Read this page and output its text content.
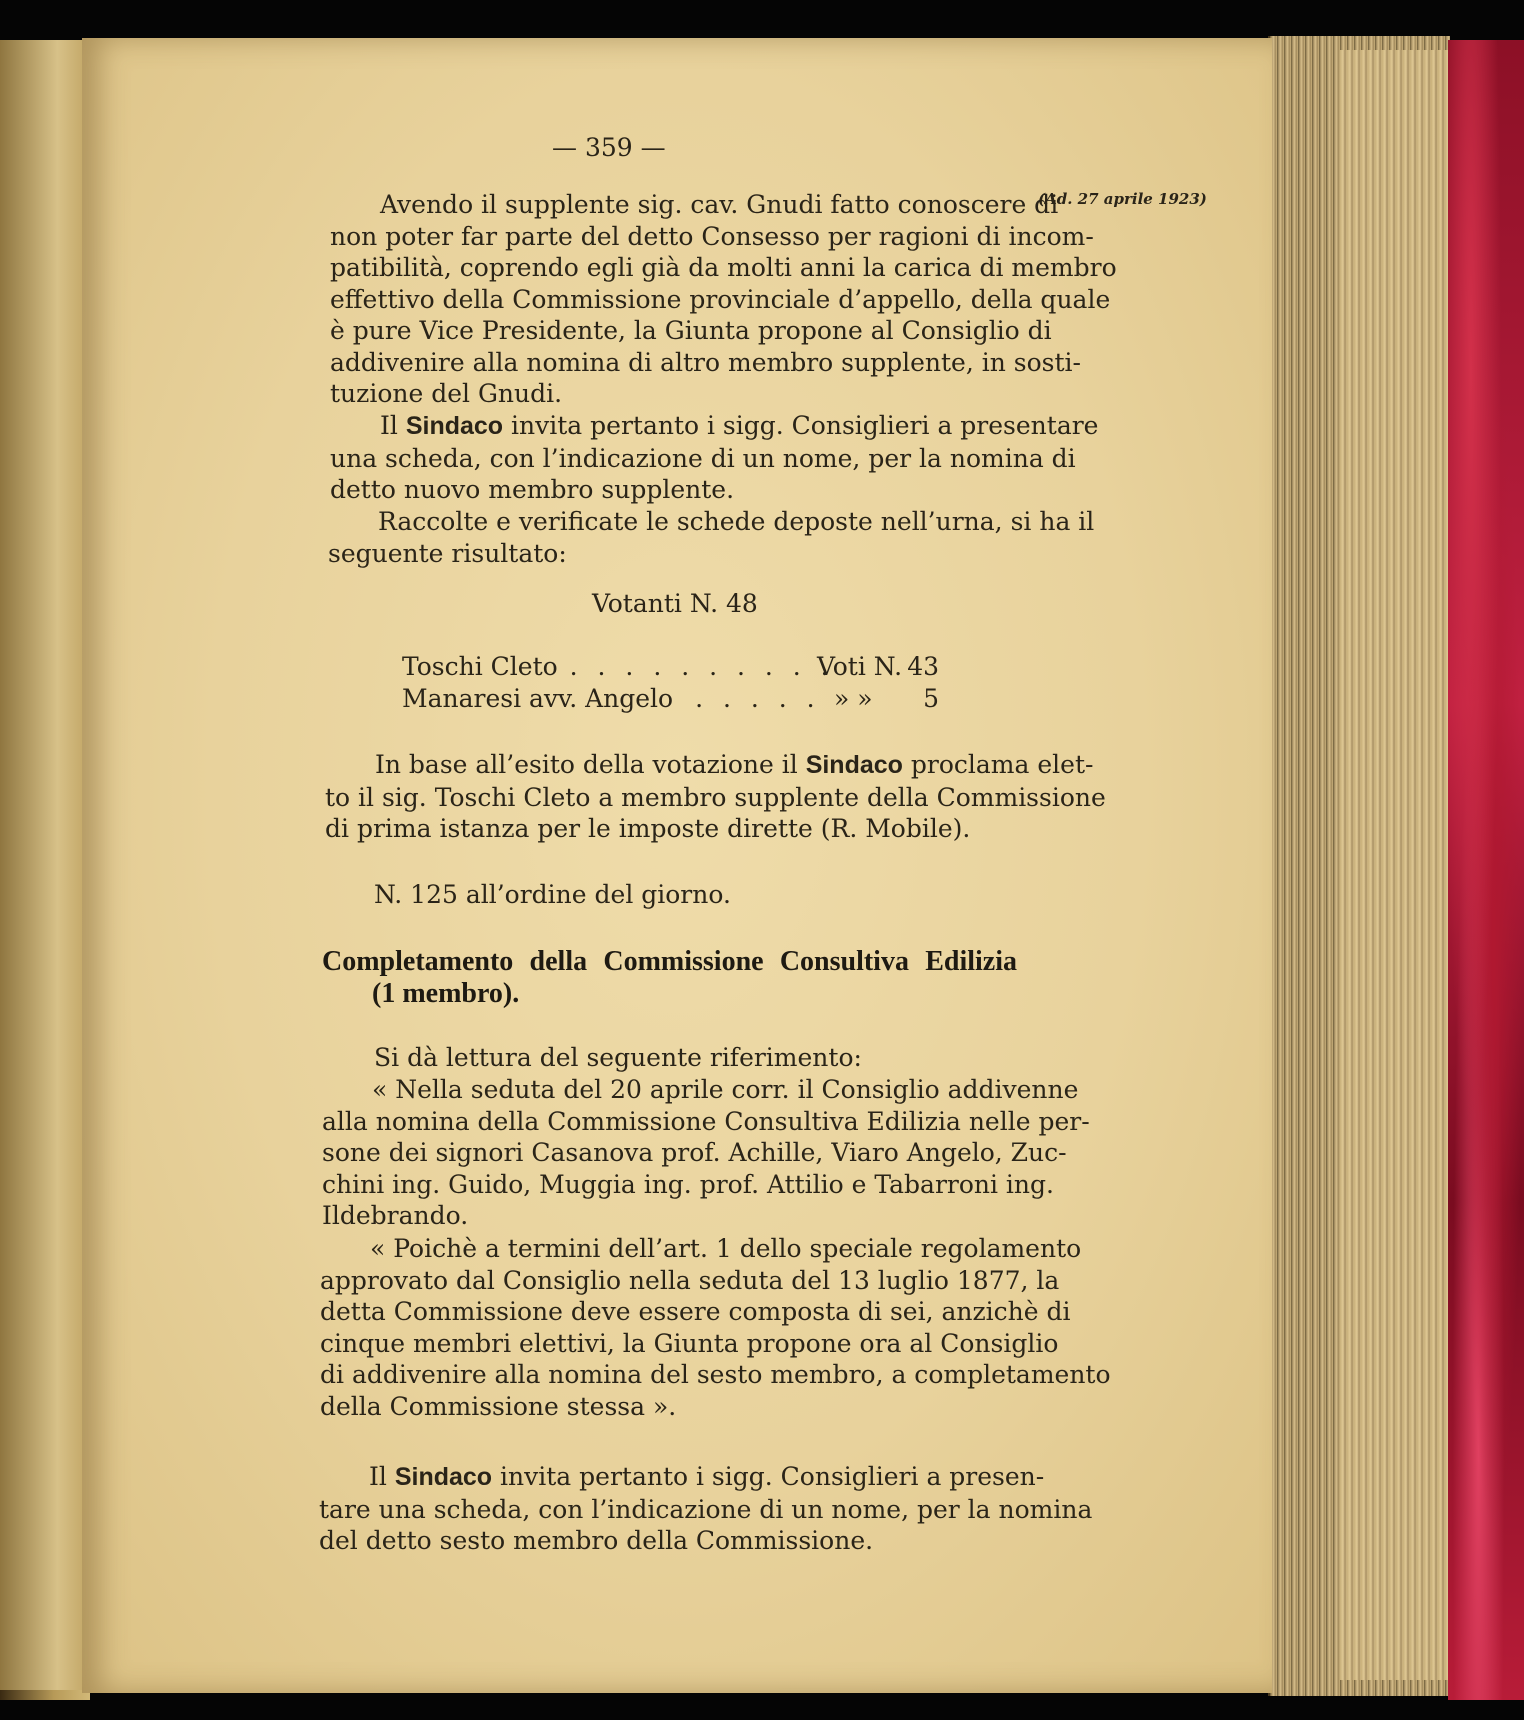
— 359 —
(Ad. 27 aprile 1923)
Avendo il supplente sig. cav. Gnudi fatto conoscere di
non poter far parte del detto Consesso per ragioni di incom-
patibilità, coprendo egli già da molti anni la carica di membro
effettivo della Commissione provinciale d’appello, della quale
è pure Vice Presidente, la Giunta propone al Consiglio di
addivenire alla nomina di altro membro supplente, in sosti-
tuzione del Gnudi.
Il Sindaco invita pertanto i sigg. Consiglieri a presentare
una scheda, con l’indicazione di un nome, per la nomina di
detto nuovo membro supplente.
Raccolte e verificate le schede deposte nell’urna, si ha il
seguente risultato:
Votanti N. 48
Toschi Cleto . . . . . . . . . .
Voti N. 43
Manaresi avv. Angelo . . . . . » » 5
In base all’esito della votazione il Sindaco proclama elet-
to il sig. Toschi Cleto a membro supplente della Commissione
di prima istanza per le imposte dirette (R. Mobile).
N. 125 all’ordine del giorno.
Completamento della Commissione Consultiva Edilizia
(1 membro).
Si dà lettura del seguente riferimento:
« Nella seduta del 20 aprile corr. il Consiglio addivenne
alla nomina della Commissione Consultiva Edilizia nelle per-
sone dei signori Casanova prof. Achille, Viaro Angelo, Zuc-
chini ing. Guido, Muggia ing. prof. Attilio e Tabarroni ing.
Ildebrando.
« Poichè a termini dell’art. 1 dello speciale regolamento
approvato dal Consiglio nella seduta del 13 luglio 1877, la
detta Commissione deve essere composta di sei, anzichè di
cinque membri elettivi, la Giunta propone ora al Consiglio
di addivenire alla nomina del sesto membro, a completamento
della Commissione stessa ».
Il Sindaco invita pertanto i sigg. Consiglieri a presen-
tare una scheda, con l’indicazione di un nome, per la nomina
del detto sesto membro della Commissione.
